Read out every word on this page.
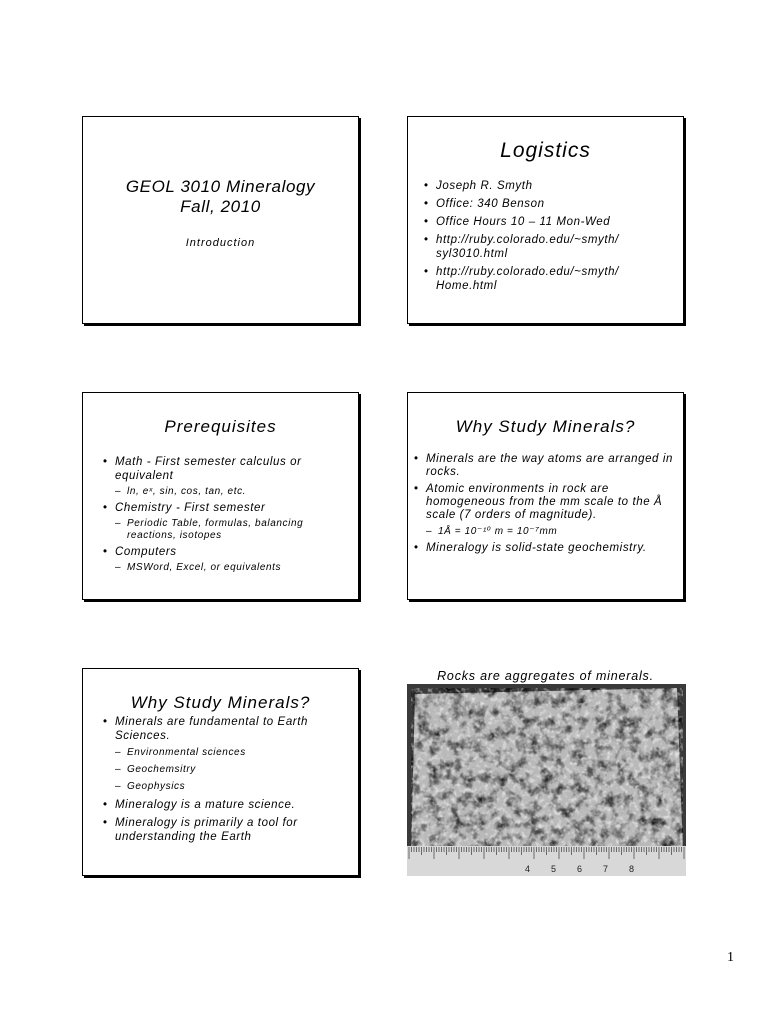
GEOL 3010 Mineralogy
Fall, 2010
Introduction
Logistics
• Joseph R. Smyth
• Office: 340 Benson
• Office Hours 10 – 11 Mon-Wed
• http://ruby.colorado.edu/~smyth/ syl3010.html
• http://ruby.colorado.edu/~smyth/ Home.html
Prerequisites
• Math - First semester calculus or equivalent
– ln, eˣ, sin, cos, tan, etc.
• Chemistry - First semester
– Periodic Table, formulas, balancing reactions, isotopes
• Computers
– MSWord, Excel, or equivalents
Why Study Minerals?
• Minerals are the way atoms are arranged in rocks.
• Atomic environments in rock are homogeneous from the mm scale to the Å scale (7 orders of magnitude).
– 1Å = 10⁻¹⁰ m = 10⁻⁷mm
• Mineralogy is solid-state geochemistry.
Why Study Minerals?
• Minerals are fundamental to Earth Sciences.
– Environmental sciences
– Geochemsitry
– Geophysics
• Mineralogy is a mature science.
• Mineralogy is primarily a tool for understanding the Earth
Rocks are aggregates of minerals.
4 5 6 7 8
1
